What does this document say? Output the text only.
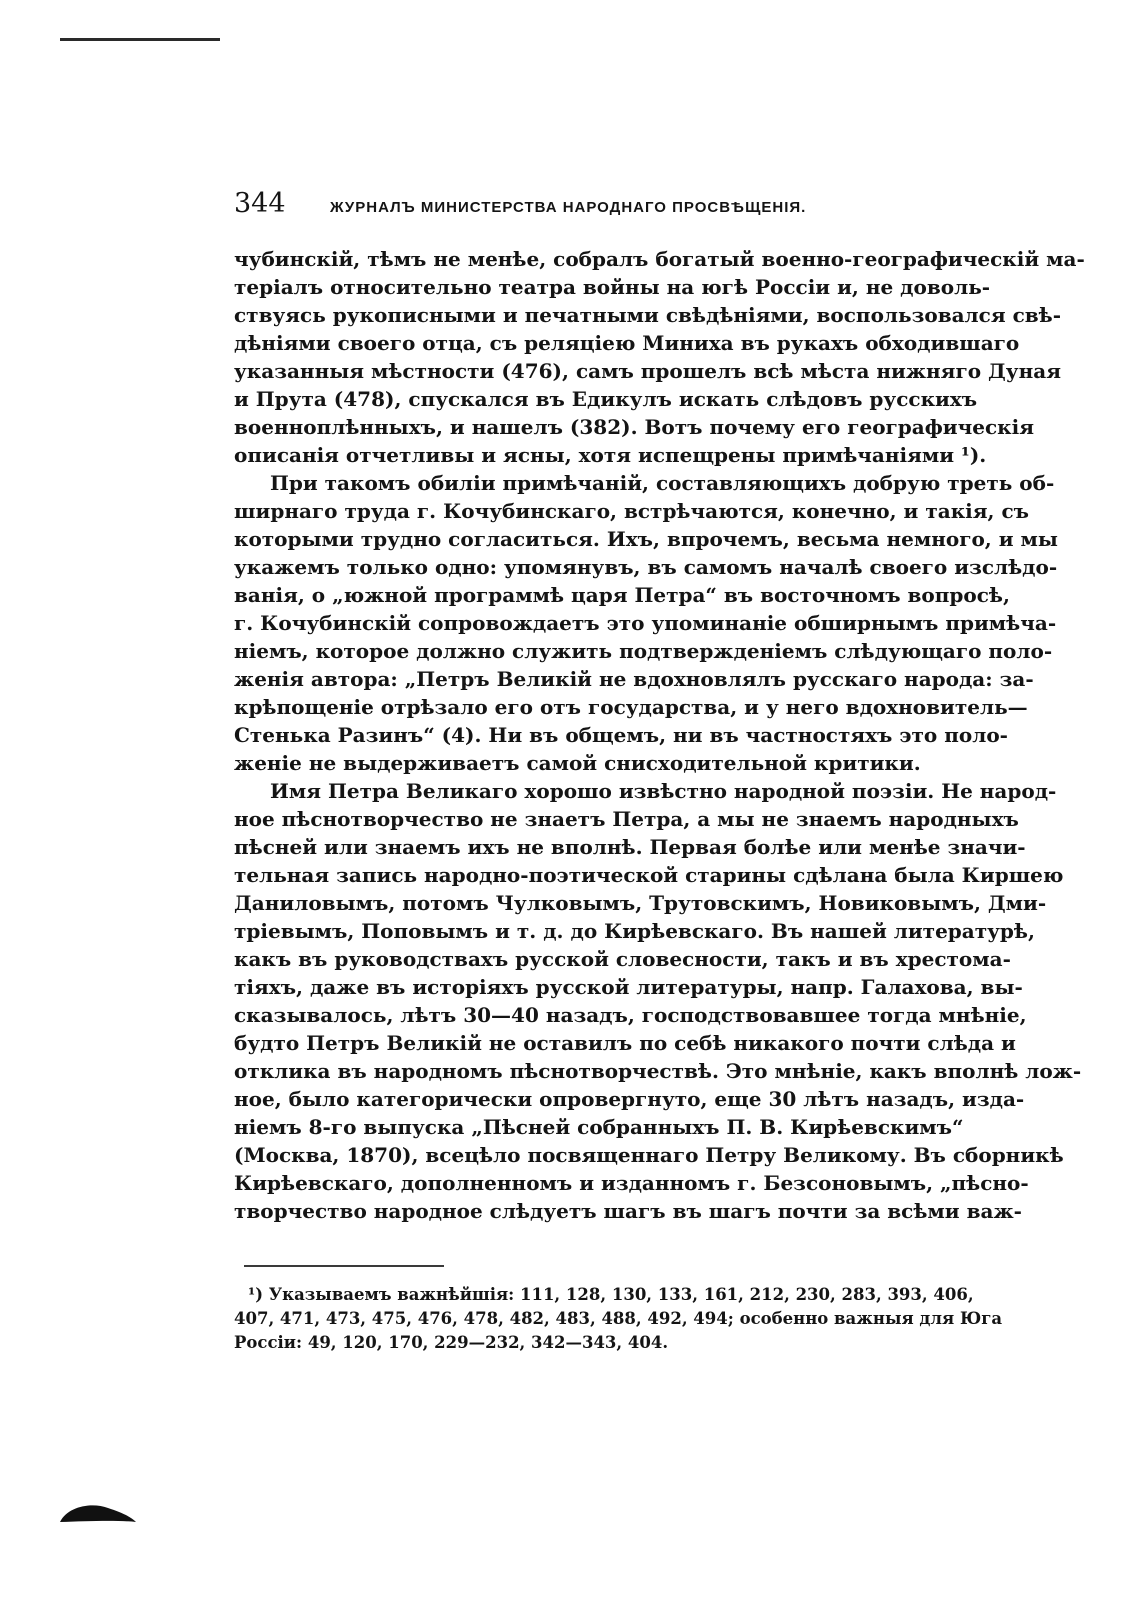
344	ЖУРНАЛЪ МИНИСТЕРСТВА НАРОДНАГО ПРОСВѢЩЕНІЯ.
чубинскій, тѣмъ не менѣе, собралъ богатый военно-географическій ма-
теріалъ относительно театра войны на югѣ Россіи и, не доволь-
ствуясь рукописными и печатными свѣдѣніями, воспользовался свѣ-
дѣніями своего отца, съ реляціею Миниха въ рукахъ обходившаго
указанныя мѣстности (476), самъ прошелъ всѣ мѣста нижняго Дуная
и Прута (478), спускался въ Едикулъ искать слѣдовъ русскихъ
военноплѣнныхъ, и нашелъ (382). Вотъ почему его географическія
описанія отчетливы и ясны, хотя испещрены примѣчаніями ¹).
При такомъ обиліи примѣчаній, составляющихъ добрую треть об-
ширнаго труда г. Кочубинскаго, встрѣчаются, конечно, и такія, съ
которыми трудно согласиться. Ихъ, впрочемъ, весьма немного, и мы
укажемъ только одно: упомянувъ, въ самомъ началѣ своего изслѣдо-
ванія, о „южной программѣ царя Петра“ въ восточномъ вопросѣ,
г. Кочубинскій сопровождаетъ это упоминаніе обширнымъ примѣча-
ніемъ, которое должно служить подтвержденіемъ слѣдующаго поло-
женія автора: „Петръ Великій не вдохновлялъ русскаго народа: за-
крѣпощеніе отрѣзало его отъ государства, и у него вдохновитель—
Стенька Разинъ“ (4). Ни въ общемъ, ни въ частностяхъ это поло-
женіе не выдерживаетъ самой снисходительной критики.
Имя Петра Великаго хорошо извѣстно народной поэзіи. Не народ-
ное пѣснотворчество не знаетъ Петра, а мы не знаемъ народныхъ
пѣсней или знаемъ ихъ не вполнѣ. Первая болѣе или менѣе значи-
тельная запись народно-поэтической старины сдѣлана была Киршею
Даниловымъ, потомъ Чулковымъ, Трутовскимъ, Новиковымъ, Дми-
тріевымъ, Поповымъ и т. д. до Кирѣевскаго. Въ нашей литературѣ,
какъ въ руководствахъ русской словесности, такъ и въ хрестома-
тіяхъ, даже въ исторіяхъ русской литературы, напр. Галахова, вы-
сказывалось, лѣтъ 30—40 назадъ, господствовавшее тогда мнѣніе,
будто Петръ Великій не оставилъ по себѣ никакого почти слѣда и
отклика въ народномъ пѣснотворчествѣ. Это мнѣніе, какъ вполнѣ лож-
ное, было категорически опровергнуто, еще 30 лѣтъ назадъ, изда-
ніемъ 8-го выпуска „Пѣсней собранныхъ П. В. Кирѣевскимъ“
(Москва, 1870), всецѣло посвященнаго Петру Великому. Въ сборникѣ
Кирѣевскаго, дополненномъ и изданномъ г. Безсоновымъ, „пѣсно-
творчество народное слѣдуетъ шагъ въ шагъ почти за всѣми важ-
¹) Указываемъ важнѣйшія: 111, 128, 130, 133, 161, 212, 230, 283, 393, 406,
407, 471, 473, 475, 476, 478, 482, 483, 488, 492, 494; особенно важныя для Юга
Россіи: 49, 120, 170, 229—232, 342—343, 404.
